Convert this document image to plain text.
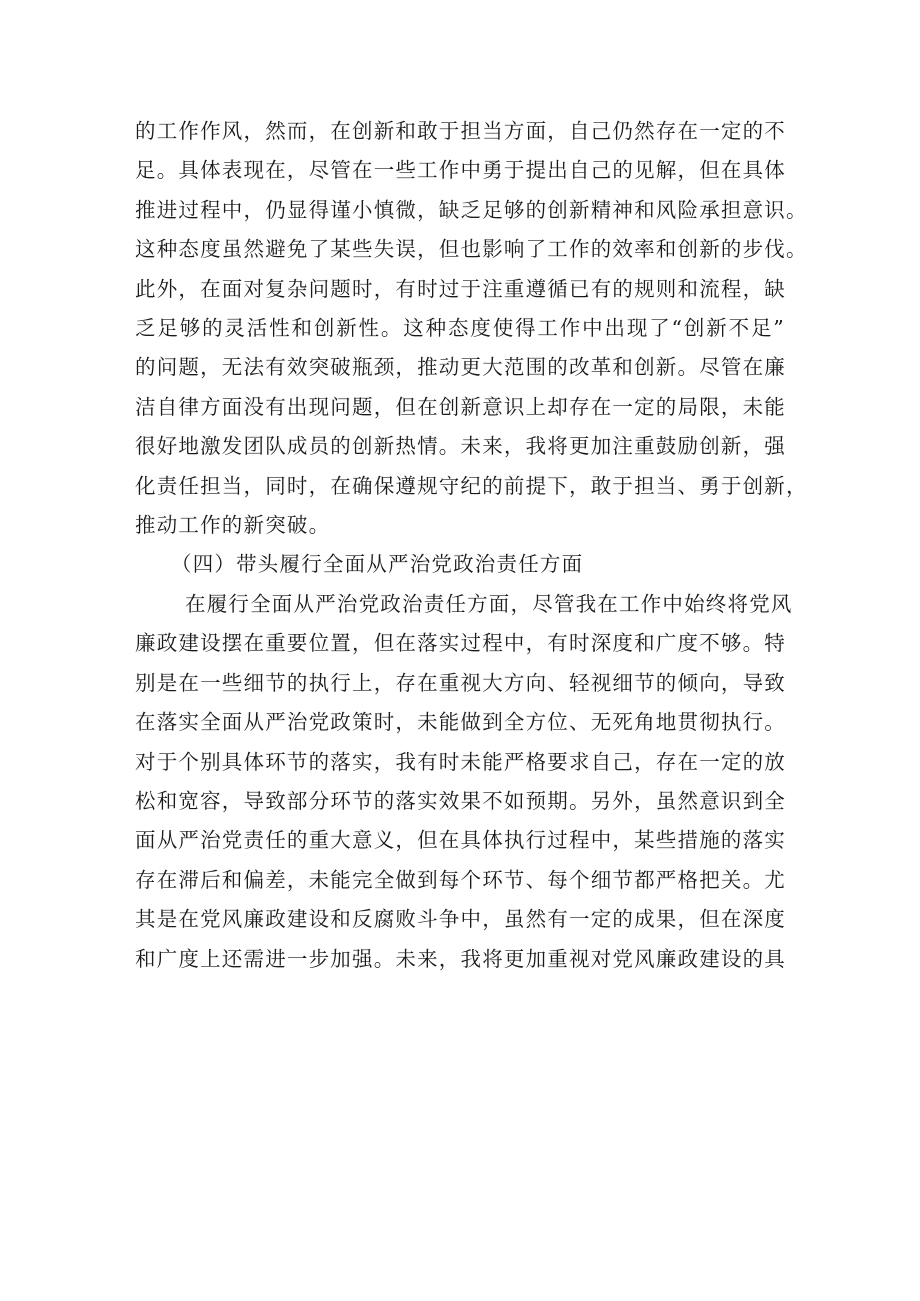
的工作作风，然而，在创新和敢于担当方面，自己仍然存在一定的不
足。具体表现在，尽管在一些工作中勇于提出自己的见解，但在具体
推进过程中，仍显得谨小慎微，缺乏足够的创新精神和风险承担意识。
这种态度虽然避免了某些失误，但也影响了工作的效率和创新的步伐。
此外，在面对复杂问题时，有时过于注重遵循已有的规则和流程，缺
乏足够的灵活性和创新性。这种态度使得工作中出现了“创新不足”
的问题，无法有效突破瓶颈，推动更大范围的改革和创新。尽管在廉
洁自律方面没有出现问题，但在创新意识上却存在一定的局限，未能
很好地激发团队成员的创新热情。未来，我将更加注重鼓励创新，强
化责任担当，同时，在确保遵规守纪的前提下，敢于担当、勇于创新，
推动工作的新突破。
（四）带头履行全面从严治党政治责任方面
在履行全面从严治党政治责任方面，尽管我在工作中始终将党风
廉政建设摆在重要位置，但在落实过程中，有时深度和广度不够。特
别是在一些细节的执行上，存在重视大方向、轻视细节的倾向，导致
在落实全面从严治党政策时，未能做到全方位、无死角地贯彻执行。
对于个别具体环节的落实，我有时未能严格要求自己，存在一定的放
松和宽容，导致部分环节的落实效果不如预期。另外，虽然意识到全
面从严治党责任的重大意义，但在具体执行过程中，某些措施的落实
存在滞后和偏差，未能完全做到每个环节、每个细节都严格把关。尤
其是在党风廉政建设和反腐败斗争中，虽然有一定的成果，但在深度
和广度上还需进一步加强。未来，我将更加重视对党风廉政建设的具
